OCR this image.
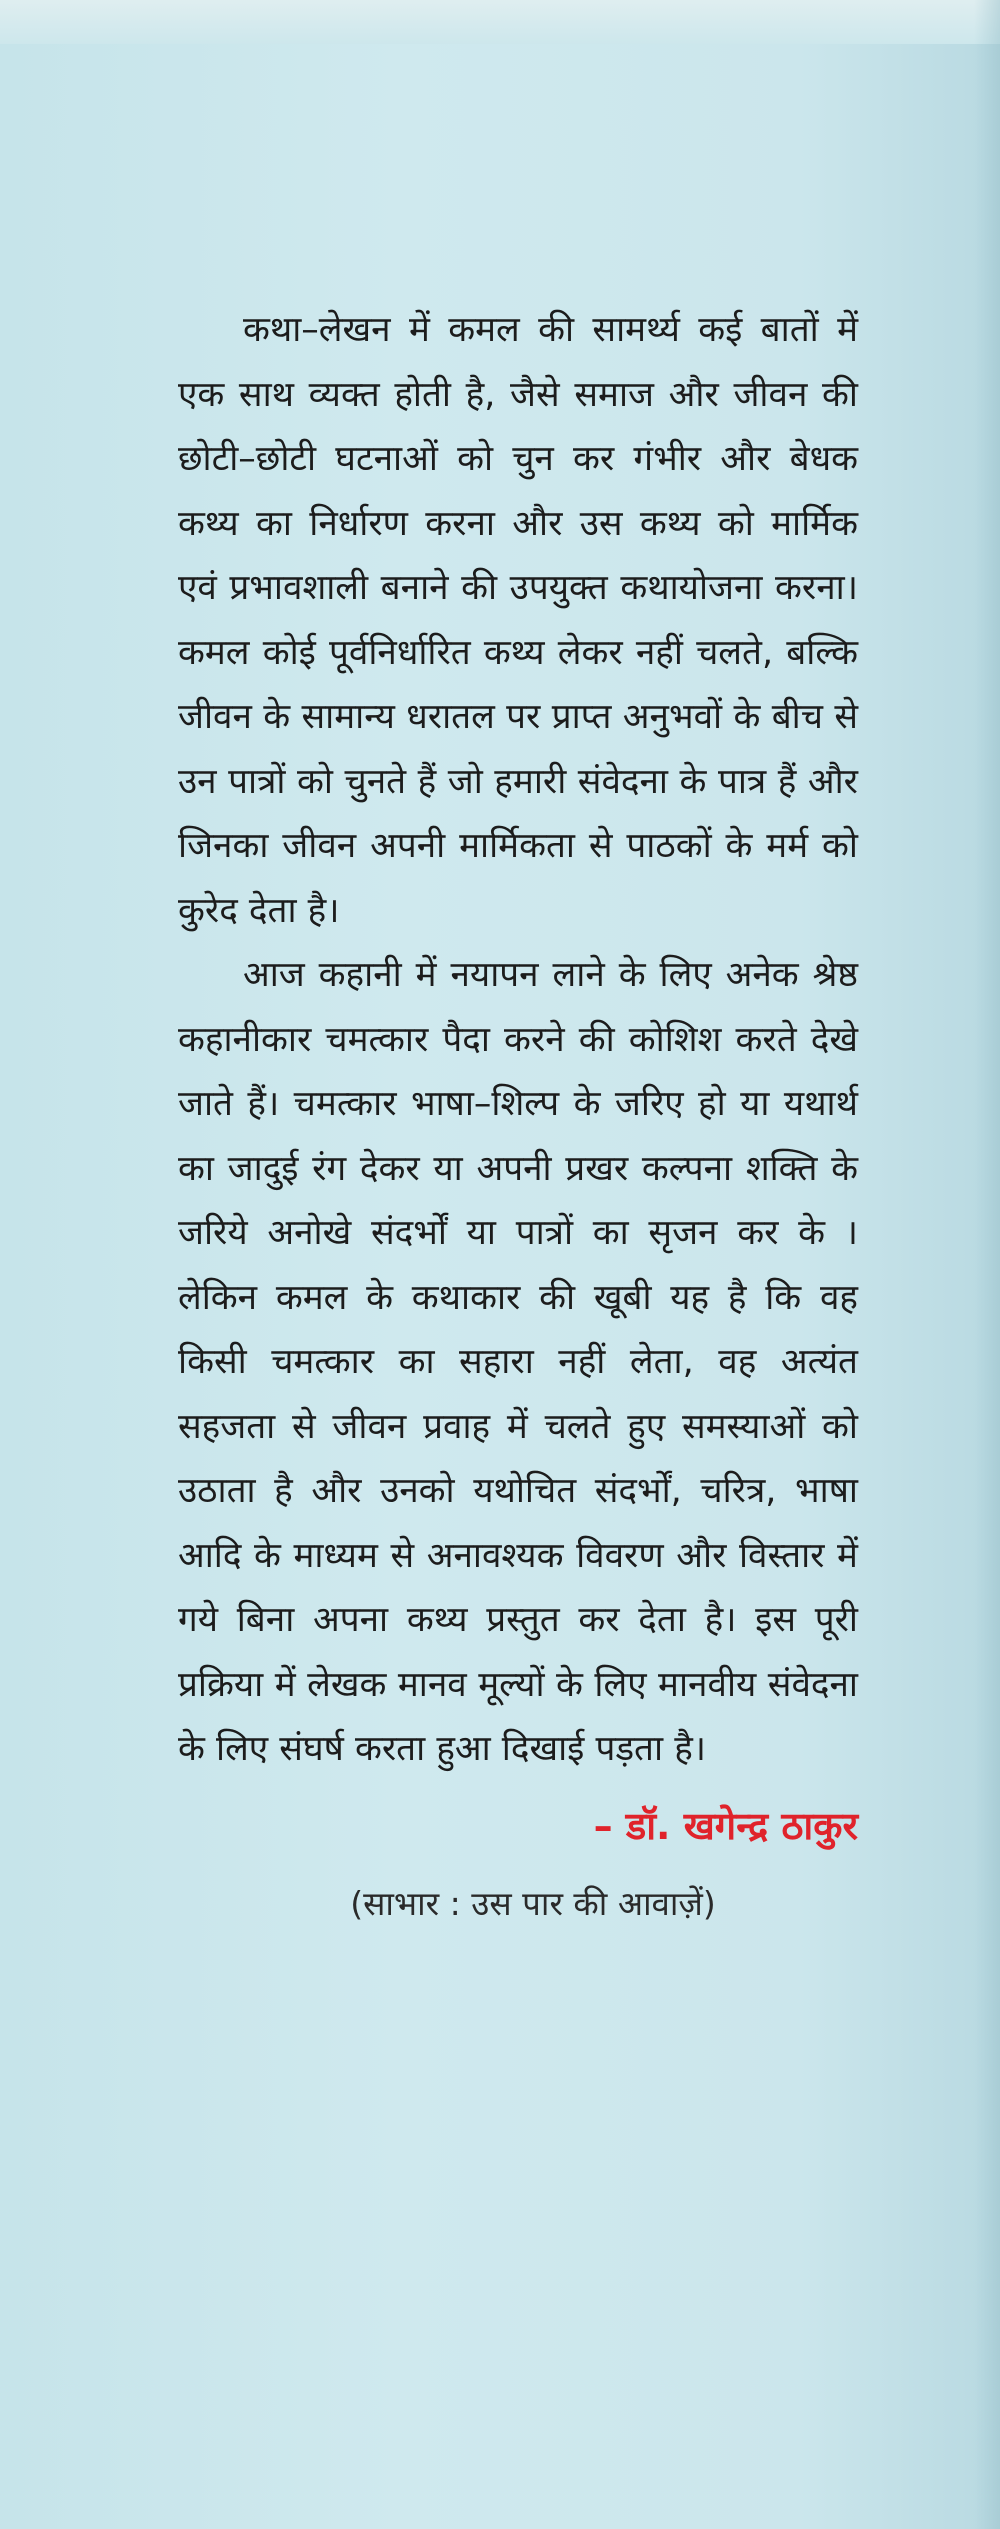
कथा–लेखन में कमल की सामर्थ्य कई बातों में एक साथ व्यक्त होती है, जैसे समाज और जीवन की छोटी–छोटी घटनाओं को चुन कर गंभीर और बेधक कथ्य का निर्धारण करना और उस कथ्य को मार्मिक एवं प्रभावशाली बनाने की उपयुक्त कथायोजना करना। कमल कोई पूर्वनिर्धारित कथ्य लेकर नहीं चलते, बल्कि जीवन के सामान्य धरातल पर प्राप्त अनुभवों के बीच से उन पात्रों को चुनते हैं जो हमारी संवेदना के पात्र हैं और जिनका जीवन अपनी मार्मिकता से पाठकों के मर्म को कुरेद देता है।

आज कहानी में नयापन लाने के लिए अनेक श्रेष्ठ कहानीकार चमत्कार पैदा करने की कोशिश करते देखे जाते हैं। चमत्कार भाषा–शिल्प के जरिए हो या यथार्थ का जादुई रंग देकर या अपनी प्रखर कल्पना शक्ति के जरिये अनोखे संदर्भों या पात्रों का सृजन कर के । लेकिन कमल के कथाकार की खूबी यह है कि वह किसी चमत्कार का सहारा नहीं लेता, वह अत्यंत सहजता से जीवन प्रवाह में चलते हुए समस्याओं को उठाता है और उनको यथोचित संदर्भों, चरित्र, भाषा आदि के माध्यम से अनावश्यक विवरण और विस्तार में गये बिना अपना कथ्य प्रस्तुत कर देता है। इस पूरी प्रक्रिया में लेखक मानव मूल्यों के लिए मानवीय संवेदना के लिए संघर्ष करता हुआ दिखाई पड़ता है।

– डॉ. खगेन्द्र ठाकुर
(साभार : उस पार की आवाज़ें)
